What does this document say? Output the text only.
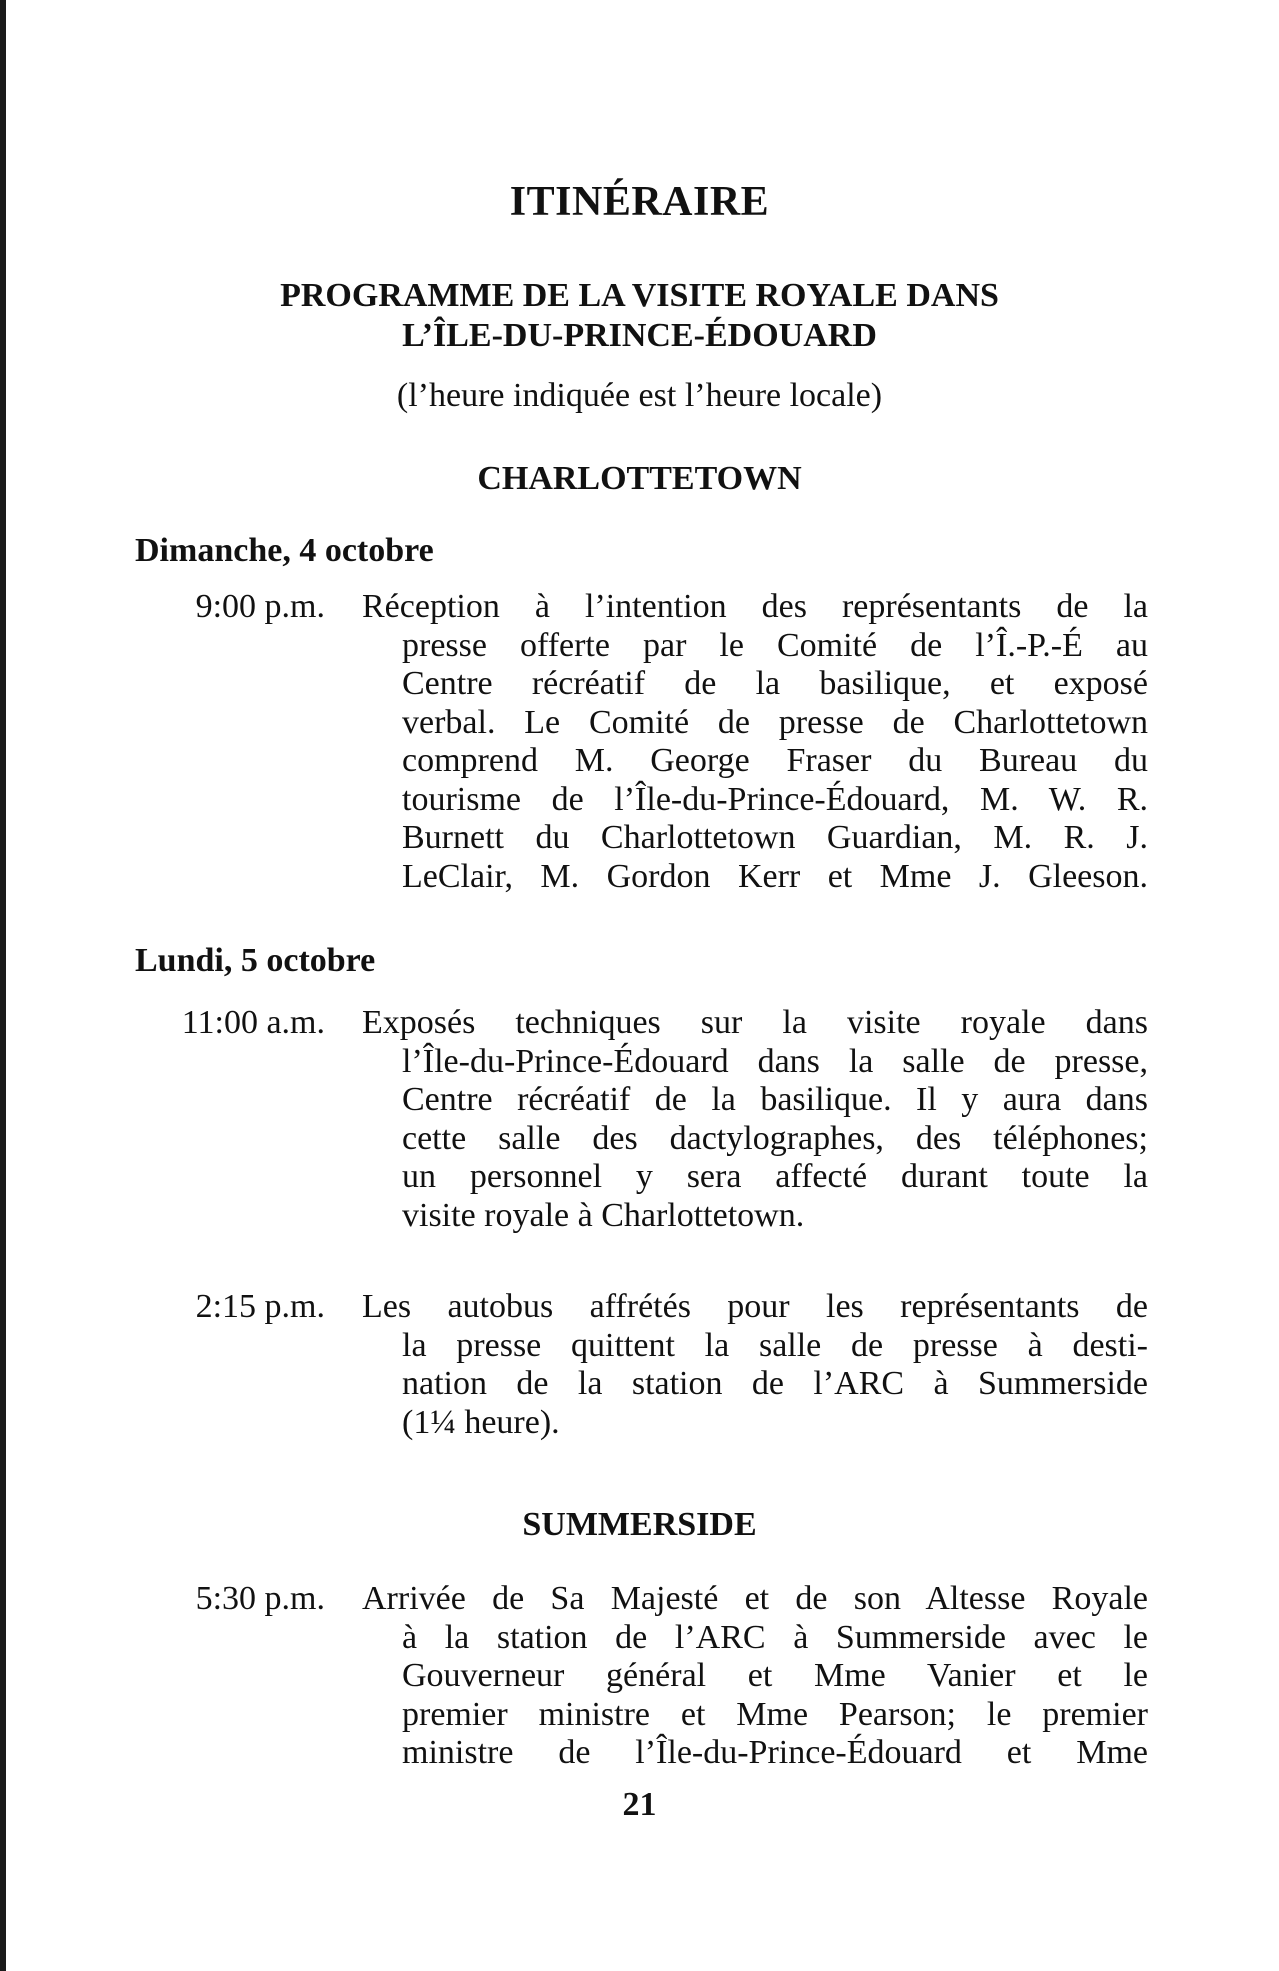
ITINÉRAIRE
PROGRAMME DE LA VISITE ROYALE DANS
L’ÎLE-DU-PRINCE-ÉDOUARD
(l’heure indiquée est l’heure locale)
CHARLOTTETOWN
Dimanche, 4 octobre
9:00 p.m. Réception à l’intention des représentants de la
presse offerte par le Comité de l’Î.-P.-É au
Centre récréatif de la basilique, et exposé
verbal. Le Comité de presse de Charlottetown
comprend M. George Fraser du Bureau du
tourisme de l’Île-du-Prince-Édouard, M. W. R.
Burnett du Charlottetown Guardian, M. R. J.
LeClair, M. Gordon Kerr et Mme J. Gleeson.
Lundi, 5 octobre
11:00 a.m. Exposés techniques sur la visite royale dans
l’Île-du-Prince-Édouard dans la salle de presse,
Centre récréatif de la basilique. Il y aura dans
cette salle des dactylographes, des téléphones;
un personnel y sera affecté durant toute la
visite royale à Charlottetown.
2:15 p.m. Les autobus affrétés pour les représentants de
la presse quittent la salle de presse à desti-
nation de la station de l’ARC à Summerside
(1¼ heure).
SUMMERSIDE
5:30 p.m. Arrivée de Sa Majesté et de son Altesse Royale
à la station de l’ARC à Summerside avec le
Gouverneur général et Mme Vanier et le
premier ministre et Mme Pearson; le premier
ministre de l’Île-du-Prince-Édouard et Mme
21
